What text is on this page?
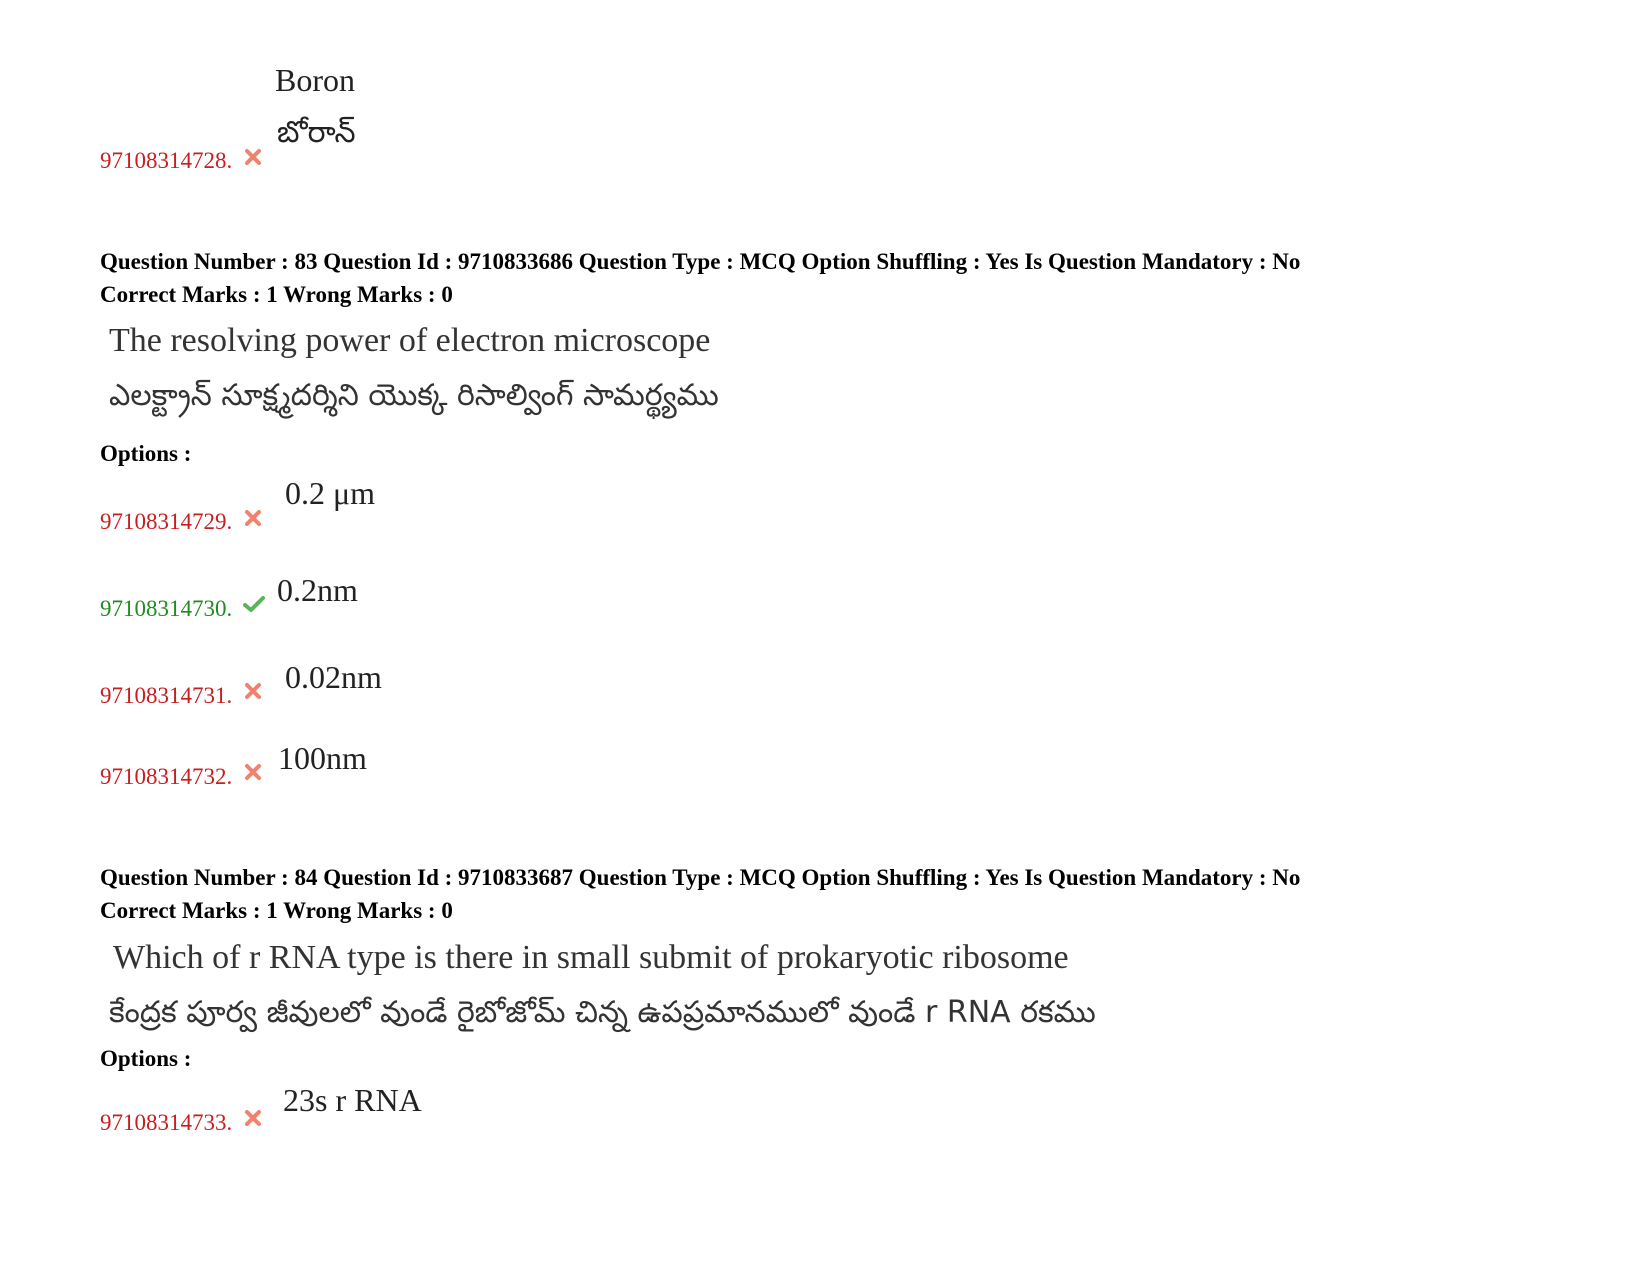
Boron
బోరాన్
97108314728.
Question Number : 83 Question Id : 9710833686 Question Type : MCQ Option Shuffling : Yes Is Question Mandatory : No
Correct Marks : 1 Wrong Marks : 0
The resolving power of electron microscope
ఎలక్ట్రాన్ సూక్ష్మదర్శిని యొక్క రిసాల్వింగ్ సామర్థ్యము
Options :
97108314729.
0.2 μm
97108314730.
0.2nm
97108314731.
0.02nm
97108314732.
100nm
Question Number : 84 Question Id : 9710833687 Question Type : MCQ Option Shuffling : Yes Is Question Mandatory : No
Correct Marks : 1 Wrong Marks : 0
Which of r RNA type is there in small submit of prokaryotic ribosome
కేంద్రక పూర్వ జీవులలో వుండే రైబోజోమ్ చిన్న ఉపప్రమానములో వుండే r RNA రకము
Options :
97108314733.
23s r RNA
